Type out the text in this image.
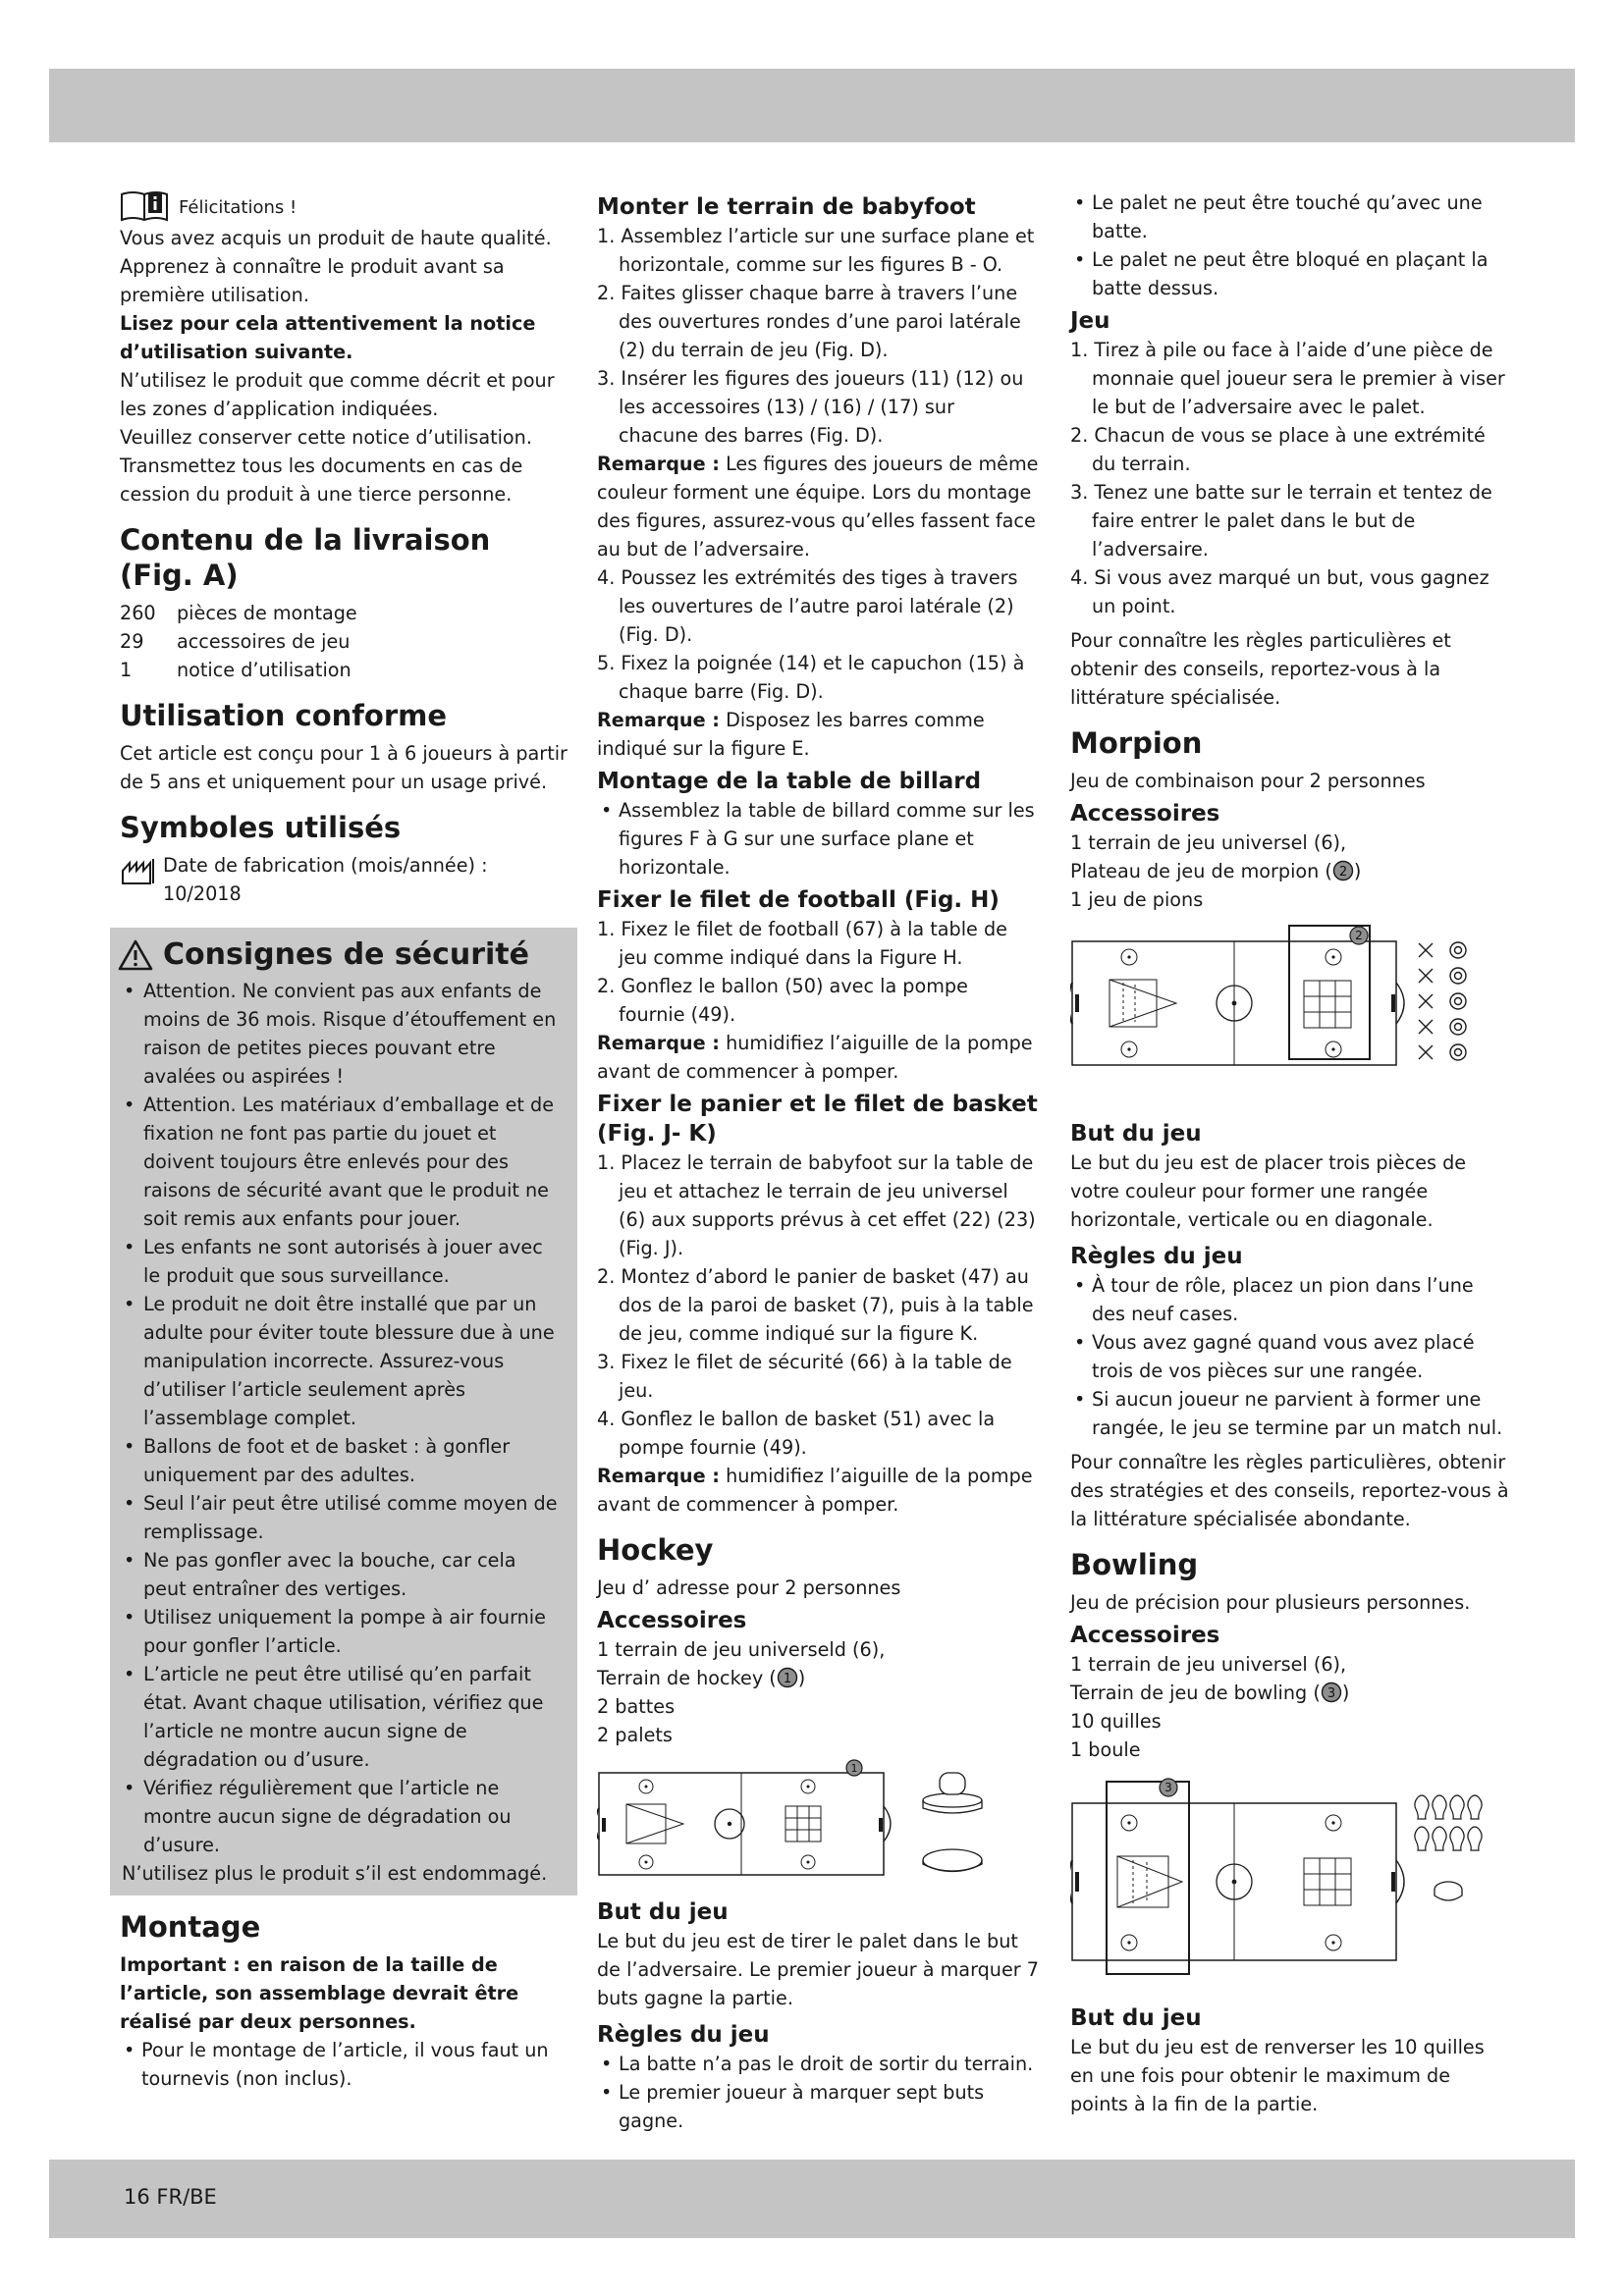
Félicitations !

Vous avez acquis un produit de haute qualité. Apprenez à connaître le produit avant sa première utilisation.

Lisez pour cela attentivement la notice d’utilisation suivante.

N’utilisez le produit que comme décrit et pour les zones d’application indiquées.

Veuillez conserver cette notice d’utilisation.

Transmettez tous les documents en cas de cession du produit à une tierce personne.

Contenu de la livraison (Fig. A)
260	pièces de montage
29	accessoires de jeu
1	notice d’utilisation
Utilisation conforme

Cet article est conçu pour 1 à 6 joueurs à partir de 5 ans et uniquement pour un usage privé.

Symboles utilisés

Date de fabrication (mois/année) :

10/2018

Consignes de sécurité
• Attention. Ne convient pas aux enfants de moins de 36 mois. Risque d’étouffement en raison de petites pieces pouvant etre avalées ou aspirées !
• Attention. Les matériaux d’emballage et de fixation ne font pas partie du jouet et doivent toujours être enlevés pour des raisons de sécurité avant que le produit ne soit remis aux enfants pour jouer.
• Les enfants ne sont autorisés à jouer avec le produit que sous surveillance.
• Le produit ne doit être installé que par un adulte pour éviter toute blessure due à une manipulation incorrecte. Assurez-vous d’utiliser l’article seulement après l’assemblage complet.
• Ballons de foot et de basket : à gonfler uniquement par des adultes.
• Seul l’air peut être utilisé comme moyen de remplissage.
• Ne pas gonfler avec la bouche, car cela peut entraîner des vertiges.
• Utilisez uniquement la pompe à air fournie pour gonfler l’article.
• L’article ne peut être utilisé qu’en parfait état. Avant chaque utilisation, vérifiez que l’article ne montre aucun signe de dégradation ou d’usure.
• Vérifiez régulièrement que l’article ne montre aucun signe de dégradation ou d’usure.

N’utilisez plus le produit s’il est endommagé.

Montage

Important : en raison de la taille de l’article, son assemblage devrait être réalisé par deux personnes.

• Pour le montage de l’article, il vous faut un tournevis (non inclus).
Monter le terrain de babyfoot
1. Assemblez l’article sur une surface plane et horizontale, comme sur les figures B - O.
2. Faites glisser chaque barre à travers l’une des ouvertures rondes d’une paroi latérale (2) du terrain de jeu (Fig. D).
3. Insérer les figures des joueurs (11) (12) ou les accessoires (13) / (16) / (17) sur chacune des barres (Fig. D).

Remarque : Les figures des joueurs de même couleur forment une équipe. Lors du montage des figures, assurez-vous qu’elles fassent face au but de l’adversaire.

4. Poussez les extrémités des tiges à travers les ouvertures de l’autre paroi latérale (2) (Fig. D).
5. Fixez la poignée (14) et le capuchon (15) à chaque barre (Fig. D).

Remarque : Disposez les barres comme indiqué sur la figure E.

Montage de la table de billard
• Assemblez la table de billard comme sur les figures F à G sur une surface plane et horizontale.
Fixer le filet de football (Fig. H)
1. Fixez le filet de football (67) à la table de jeu comme indiqué dans la Figure H.
2. Gonflez le ballon (50) avec la pompe fournie (49).

Remarque : humidifiez l’aiguille de la pompe avant de commencer à pomper.

Fixer le panier et le filet de basket (Fig. J- K)
1. Placez le terrain de babyfoot sur la table de jeu et attachez le terrain de jeu universel (6) aux supports prévus à cet effet (22) (23) (Fig. J).
2. Montez d’abord le panier de basket (47) au dos de la paroi de basket (7), puis à la table de jeu, comme indiqué sur la figure K.
3. Fixez le filet de sécurité (66) à la table de jeu.
4. Gonflez le ballon de basket (51) avec la pompe fournie (49).

Remarque : humidifiez l’aiguille de la pompe avant de commencer à pomper.

Hockey

Jeu d’ adresse pour 2 personnes

Accessoires

1 terrain de jeu universeld (6),

Terrain de hockey ( 1 )

2 battes

2 palets

1
But du jeu

Le but du jeu est de tirer le palet dans le but de l’adversaire. Le premier joueur à marquer 7 buts gagne la partie.

Règles du jeu
• La batte n’a pas le droit de sortir du terrain.
• Le premier joueur à marquer sept buts gagne.
• Le palet ne peut être touché qu’avec une batte.
• Le palet ne peut être bloqué en plaçant la batte dessus.
Jeu
1. Tirez à pile ou face à l’aide d’une pièce de monnaie quel joueur sera le premier à viser le but de l’adversaire avec le palet.
2. Chacun de vous se place à une extrémité du terrain.
3. Tenez une batte sur le terrain et tentez de faire entrer le palet dans le but de l’adversaire.
4. Si vous avez marqué un but, vous gagnez un point.

Pour connaître les règles particulières et obtenir des conseils, reportez-vous à la littérature spécialisée.

Morpion

Jeu de combinaison pour 2 personnes

Accessoires

1 terrain de jeu universel (6),

Plateau de jeu de morpion ( 2 )

1 jeu de pions

2
But du jeu

Le but du jeu est de placer trois pièces de votre couleur pour former une rangée horizontale, verticale ou en diagonale.

Règles du jeu
• À tour de rôle, placez un pion dans l’une des neuf cases.
• Vous avez gagné quand vous avez placé trois de vos pièces sur une rangée.
• Si aucun joueur ne parvient à former une rangée, le jeu se termine par un match nul.

Pour connaître les règles particulières, obtenir des stratégies et des conseils, reportez-vous à la littérature spécialisée abondante.

Bowling

Jeu de précision pour plusieurs personnes.

Accessoires

1 terrain de jeu universel (6),

Terrain de jeu de bowling ( 3 )

10 quilles

1 boule

3
But du jeu

Le but du jeu est de renverser les 10 quilles en une fois pour obtenir le maximum de points à la fin de la partie.

16 FR/BE
